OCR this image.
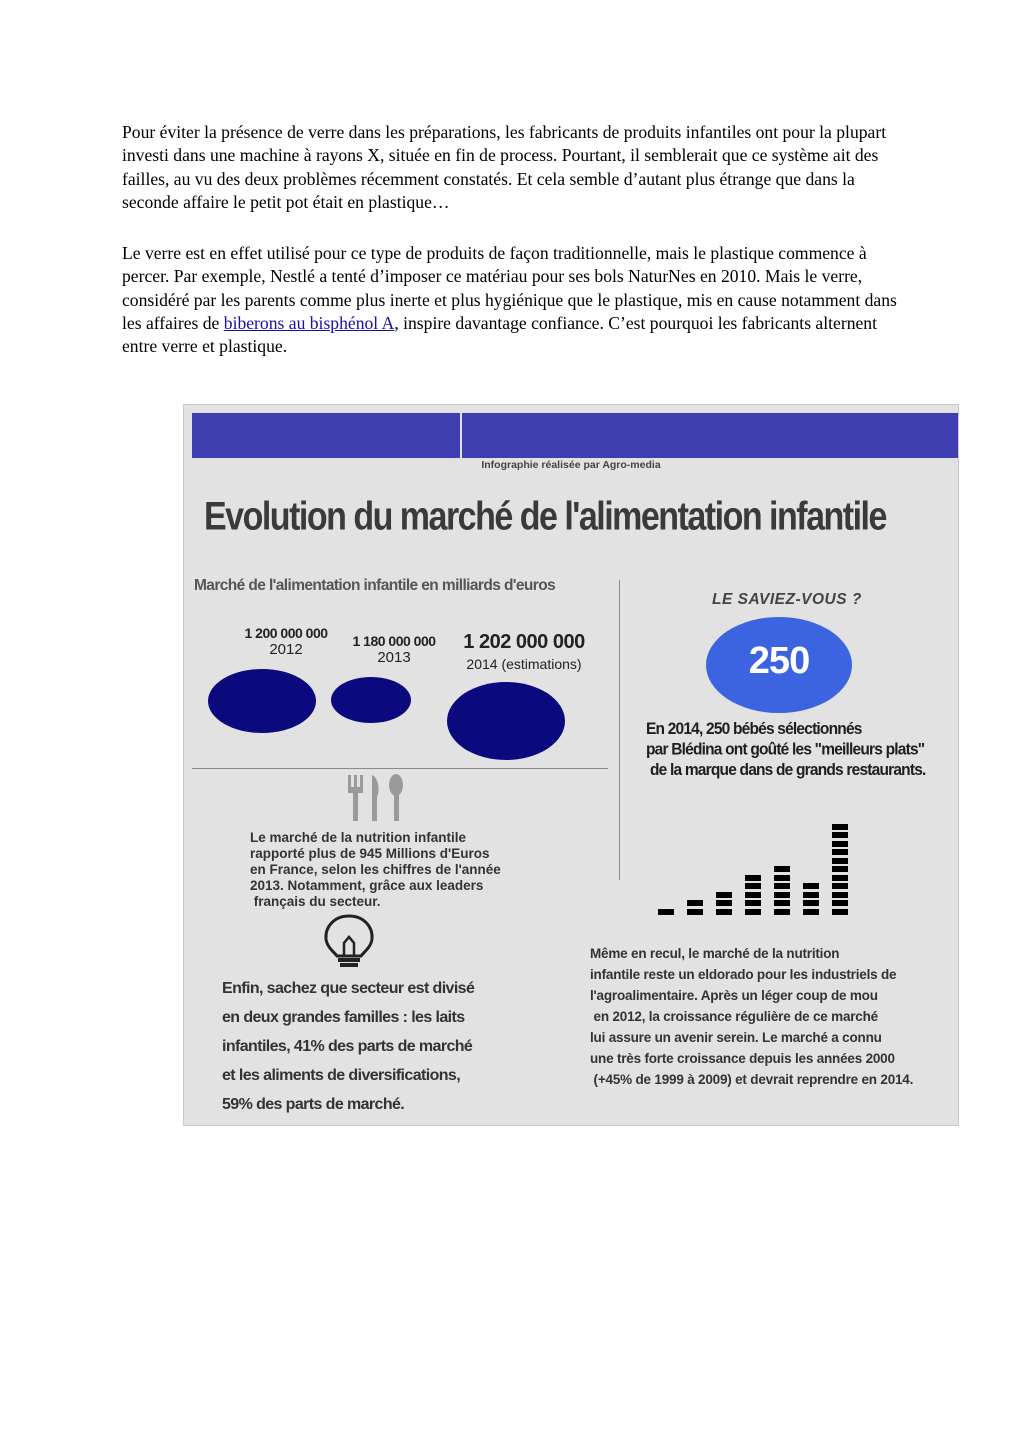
Pour éviter la présence de verre dans les préparations, les fabricants de produits infantiles ont pour la plupart investi dans une machine à rayons X, située en fin de process. Pourtant, il semblerait que ce système ait des failles, au vu des deux problèmes récemment constatés. Et cela semble d’autant plus étrange que dans la seconde affaire le petit pot était en plastique…

Le verre est en effet utilisé pour ce type de produits de façon traditionnelle, mais le plastique commence à percer. Par exemple, Nestlé a tenté d’imposer ce matériau pour ses bols NaturNes en 2010. Mais le verre, considéré par les parents comme plus inerte et plus hygiénique que le plastique, mis en cause notamment dans les affaires de biberons au bisphénol A, inspire davantage confiance. C’est pourquoi les fabricants alternent entre verre et plastique.

Infographie réalisée par Agro-media
Evolution du marché de l'alimentation infantile
Marché de l'alimentation infantile en milliards d'euros
1 200 000 000
2012	1 180 000 000
2013
1 202 000 000
2014 (estimations)
LE SAVIEZ-VOUS ?
250
En 2014, 250 bébés sélectionnés
par Blédina ont goûté les "meilleurs plats"
de la marque dans de grands restaurants.
Le marché de la nutrition infantile
rapporté plus de 945 Millions d'Euros
en France, selon les chiffres de l'année
2013. Notamment, grâce aux leaders
français du secteur.
Enfin, sachez que secteur est divisé
en deux grandes familles : les laits
infantiles, 41% des parts de marché
et les aliments de diversifications,
59% des parts de marché.
Même en recul, le marché de la nutrition
infantile reste un eldorado pour les industriels de
l'agroalimentaire. Après un léger coup de mou
en 2012, la croissance régulière de ce marché
lui assure un avenir serein. Le marché a connu
une très forte croissance depuis les années 2000
(+45% de 1999 à 2009) et devrait reprendre en 2014.
